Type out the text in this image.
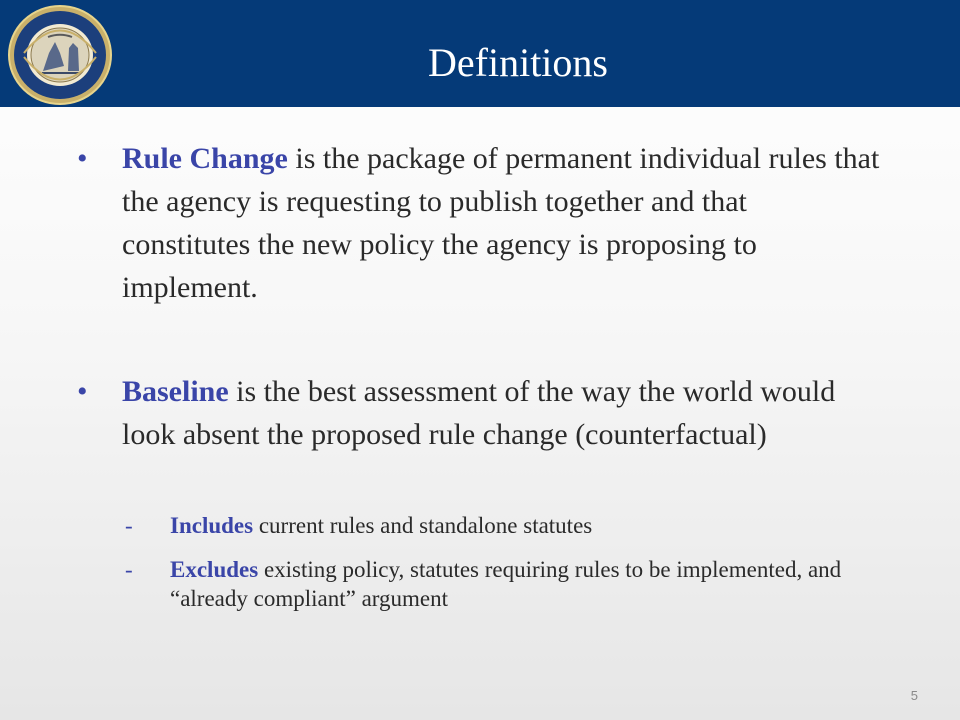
Definitions
• Rule Change is the package of permanent individual rules that the agency is requesting to publish together and that constitutes the new policy the agency is proposing to implement.
• Baseline is the best assessment of the way the world would look absent the proposed rule change (counterfactual)
- Includes current rules and standalone statutes
- Excludes existing policy, statutes requiring rules to be implemented, and “already compliant” argument
5
